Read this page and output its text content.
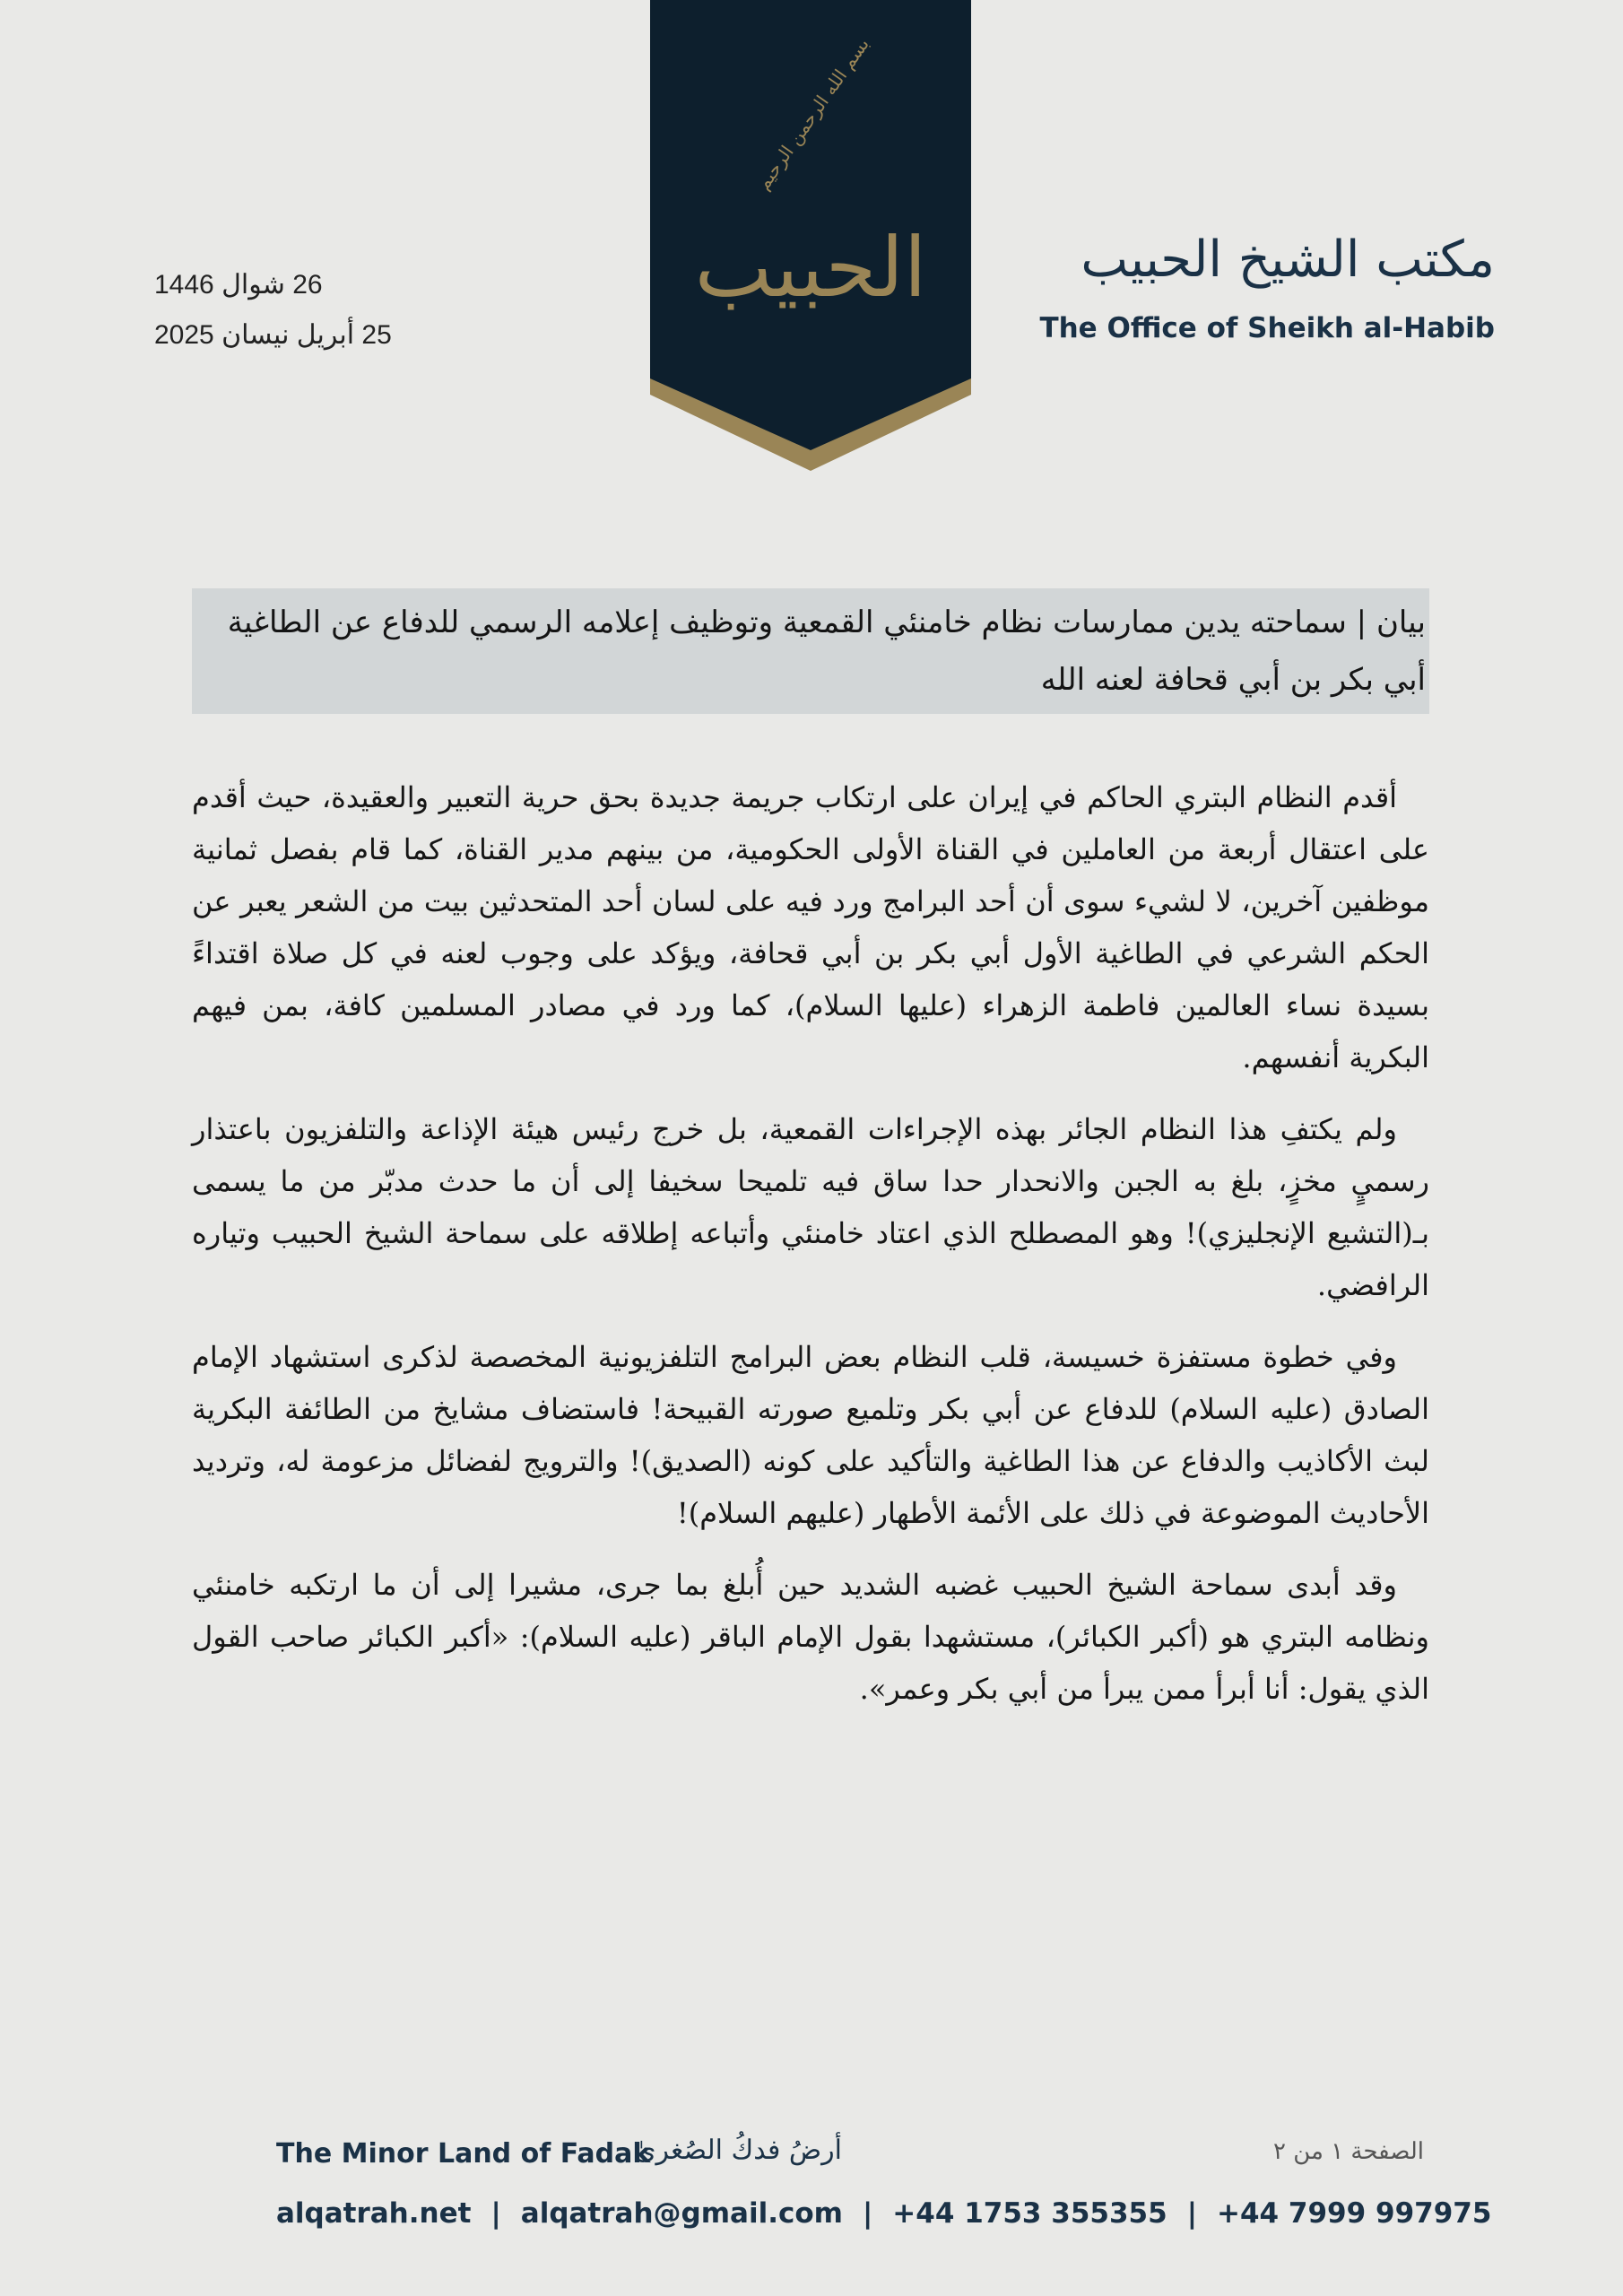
بسم الله الرحمن الرحيم
الحبيب
26 شوال 1446
25 أبريل نيسان 2025
مكتب الشيخ الحبيب
The Office of Sheikh al-Habib

بيان | سماحته يدين ممارسات نظام خامنئي القمعية وتوظيف إعلامه الرسمي للدفاع عن الطاغية أبي بكر بن أبي قحافة لعنه الله

أقدم النظام البتري الحاكم في إيران على ارتكاب جريمة جديدة بحق حرية التعبير والعقيدة، حيث أقدم على اعتقال أربعة من العاملين في القناة الأولى الحكومية، من بينهم مدير القناة، كما قام بفصل ثمانية موظفين آخرين، لا لشيء سوى أن أحد البرامج ورد فيه على لسان أحد المتحدثين بيت من الشعر يعبر عن الحكم الشرعي في الطاغية الأول أبي بكر بن أبي قحافة، ويؤكد على وجوب لعنه في كل صلاة اقتداءً بسيدة نساء العالمين فاطمة الزهراء (عليها السلام)، كما ورد في مصادر المسلمين كافة، بمن فيهم البكرية أنفسهم.

ولم يكتفِ هذا النظام الجائر بهذه الإجراءات القمعية، بل خرج رئيس هيئة الإذاعة والتلفزيون باعتذار رسميٍ مخزٍ، بلغ به الجبن والانحدار حدا ساق فيه تلميحا سخيفا إلى أن ما حدث مدبّر من ما يسمى بـ(التشيع الإنجليزي)! وهو المصطلح الذي اعتاد خامنئي وأتباعه إطلاقه على سماحة الشيخ الحبيب وتياره الرافضي.

وفي خطوة مستفزة خسيسة، قلب النظام بعض البرامج التلفزيونية المخصصة لذكرى استشهاد الإمام الصادق (عليه السلام) للدفاع عن أبي بكر وتلميع صورته القبيحة! فاستضاف مشايخ من الطائفة البكرية لبث الأكاذيب والدفاع عن هذا الطاغية والتأكيد على كونه (الصديق)! والترويج لفضائل مزعومة له، وترديد الأحاديث الموضوعة في ذلك على الأئمة الأطهار (عليهم السلام)!

وقد أبدى سماحة الشيخ الحبيب غضبه الشديد حين أُبلغ بما جرى، مشيرا إلى أن ما ارتكبه خامنئي ونظامه البتري هو (أكبر الكبائر)، مستشهدا بقول الإمام الباقر (عليه السلام): «أكبر الكبائر صاحب القول الذي يقول: أنا أبرأ ممن يبرأ من أبي بكر وعمر».

The Minor Land of Fadak
أرضُ فدكُ الصُغرىٰ	الصفحة ١ من ٢
alqatrah.net | alqatrah@gmail.com | +44 1753 355355 | +44 7999 997975
